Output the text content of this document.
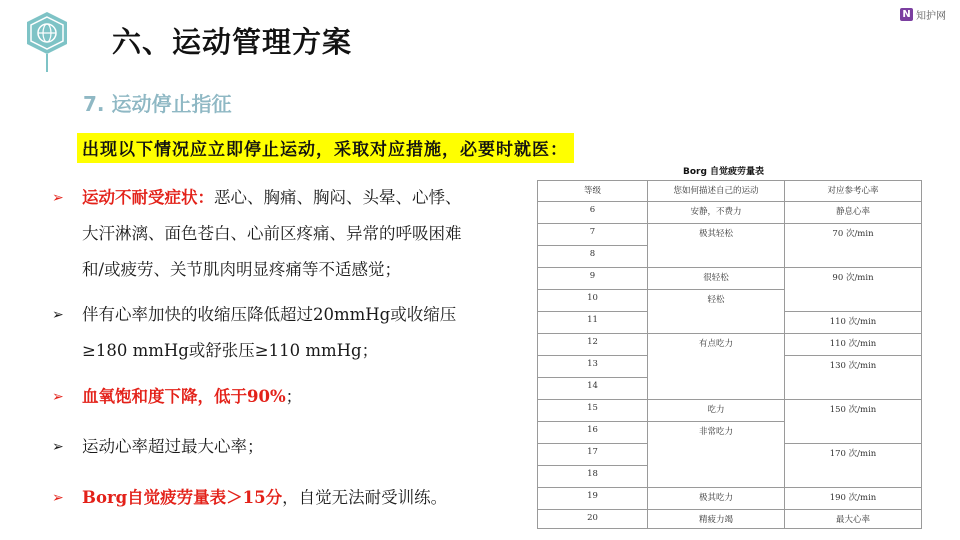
六、运动管理方案
N 知护网
7. 运动停止指征
出现以下情况应立即停止运动，采取对应措施，必要时就医：
➢ 运动不耐受症状：恶心、胸痛、胸闷、头晕、心悸、
大汗淋漓、面色苍白、心前区疼痛、异常的呼吸困难
和/或疲劳、关节肌肉明显疼痛等不适感觉；
➢ 伴有心率加快的收缩压降低超过20mmHg或收缩压
≥180 mmHg或舒张压≥110 mmHg；
➢ 血氧饱和度下降，低于90%；
➢ 运动心率超过最大心率；
➢ Borg自觉疲劳量表＞15分，自觉无法耐受训练。
Borg 自觉疲劳量表
等级	您如何描述自己的运动	对应参考心率
6	安静，不费力	静息心率
7	极其轻松	70 次/min
8		
9	很轻松	90 次/min
10	轻松	
11		110 次/min
12	有点吃力	110 次/min
13		130 次/min
14		
15	吃力	150 次/min
16	非常吃力	
17		170 次/min
18		
19	极其吃力	190 次/min
20	精疲力竭	最大心率
